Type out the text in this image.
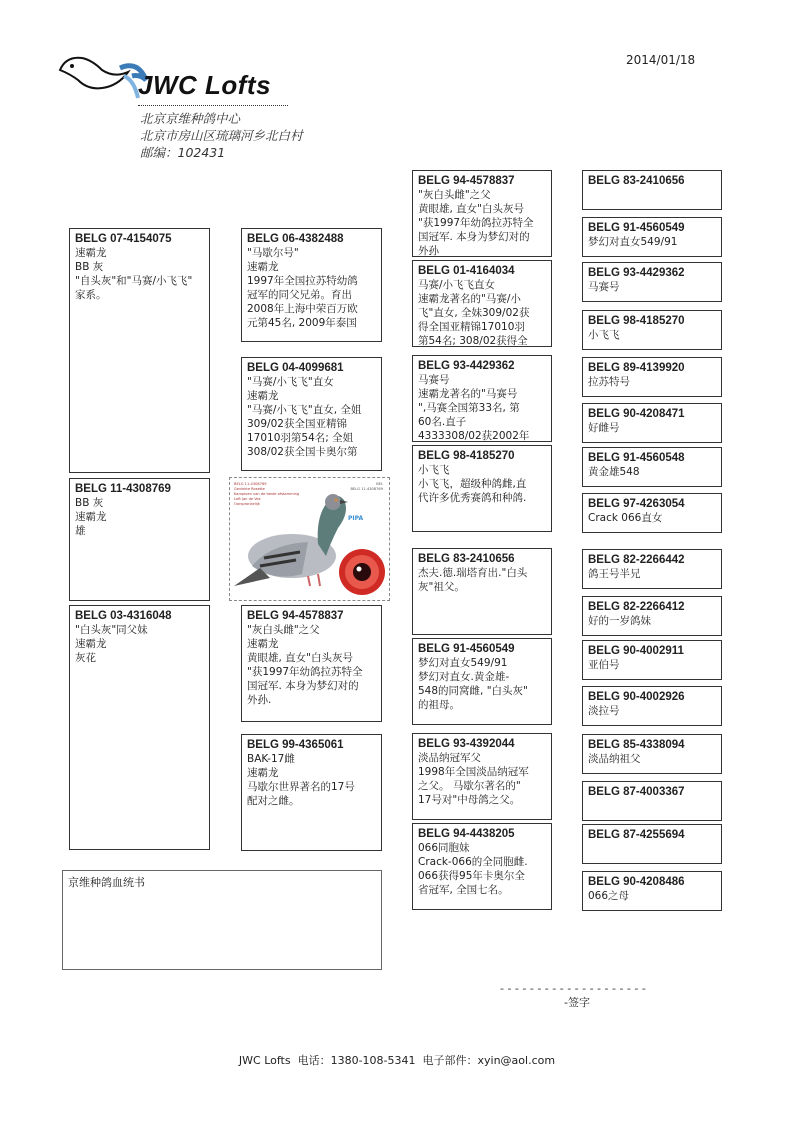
2014/01/18
JWC Lofts
北京京维种鸽中心
北京市房山区琉璃河乡北白村
邮编：102431
BELG 07-4154075
速霸龙
BB 灰
"自头灰"和"马赛/小飞飞"
家系。
BELG 11-4308769
BB 灰
速霸龙
雄
BELG 03-4316048
"白头灰"同父妹
速霸龙
灰花
BELG 11-4308769
Gevlekte Rosette
Kampioen van de beste afstamming
Loft Jan de Vos
Oorspronkelijk
BEL
BELG 11-4308769
PIPA
BELG 06-4382488
"马歇尔号"
速霸龙
1997年全国拉苏特幼鸽
冠军的同父兄弟。育出
2008年上海中荣百万欧
元第45名, 2009年泰国
BELG 04-4099681
"马赛/小飞飞"直女
速霸龙
"马赛/小飞飞"直女, 全姐
309/02获全国亚精锦
17010羽第54名; 全姐
308/02获全国卡奥尔第
BELG 94-4578837
"灰白头雌"之父
速霸龙
黄眼雄, 直女"白头灰号
"获1997年幼鸽拉苏特全
国冠军. 本身为梦幻对的
外孙.
BELG 99-4365061
BAK-17雌
速霸龙
马歇尔世界著名的17号
配对之雌。
BELG 94-4578837
"灰白头雌"之父
黄眼雄, 直女"白头灰号
"获1997年幼鸽拉苏特全
国冠军. 本身为梦幻对的
外孙
BELG 01-4164034
马赛/小飞飞直女
速霸龙著名的"马赛/小
飞"直女, 全妹309/02获
得全国亚精锦17010羽
第54名; 308/02获得全
BELG 93-4429362
马赛号
速霸龙著名的"马赛号
",马赛全国第33名, 第
60名.直子
4333308/02获2002年
BELG 98-4185270
小飞飞
小飞飞，超级种鸽雌,直
代许多优秀赛鸽和种鸽.
BELG 83-2410656
杰夫.德.瑞塔育出."白头
灰"祖父。
BELG 91-4560549
梦幻对直女549/91
梦幻对直女.黄金雄-
548的同窝雌, "白头灰"
的祖母。
BELG 93-4392044
淡品纳冠军父
1998年全国淡品纳冠军
之父。 马歇尔著名的"
17号对"中母鸽之父。
BELG 94-4438205
066同胞妹
Crack-066的全同胞雌.
066获得95年卡奥尔全
省冠军, 全国七名。
BELG 83-2410656
BELG 91-4560549
梦幻对直女549/91
BELG 93-4429362
马赛号
BELG 98-4185270
小飞飞
BELG 89-4139920
拉苏特号
BELG 90-4208471
好雌号
BELG 91-4560548
黄金雄548
BELG 97-4263054
Crack 066直女
BELG 82-2266442
鸽王号半兄
BELG 82-2266412
好的一岁鸽妹
BELG 90-4002911
亚伯号
BELG 90-4002926
淡拉号
BELG 85-4338094
淡品纳祖父
BELG 87-4003367
BELG 87-4255694
BELG 90-4208486
066之母
京维种鸽血统书
- - - - - - - - - - - - - - - - - - - -
-签字
JWC Lofts  电话：1380-108-5341  电子部件：xyin@aol.com
